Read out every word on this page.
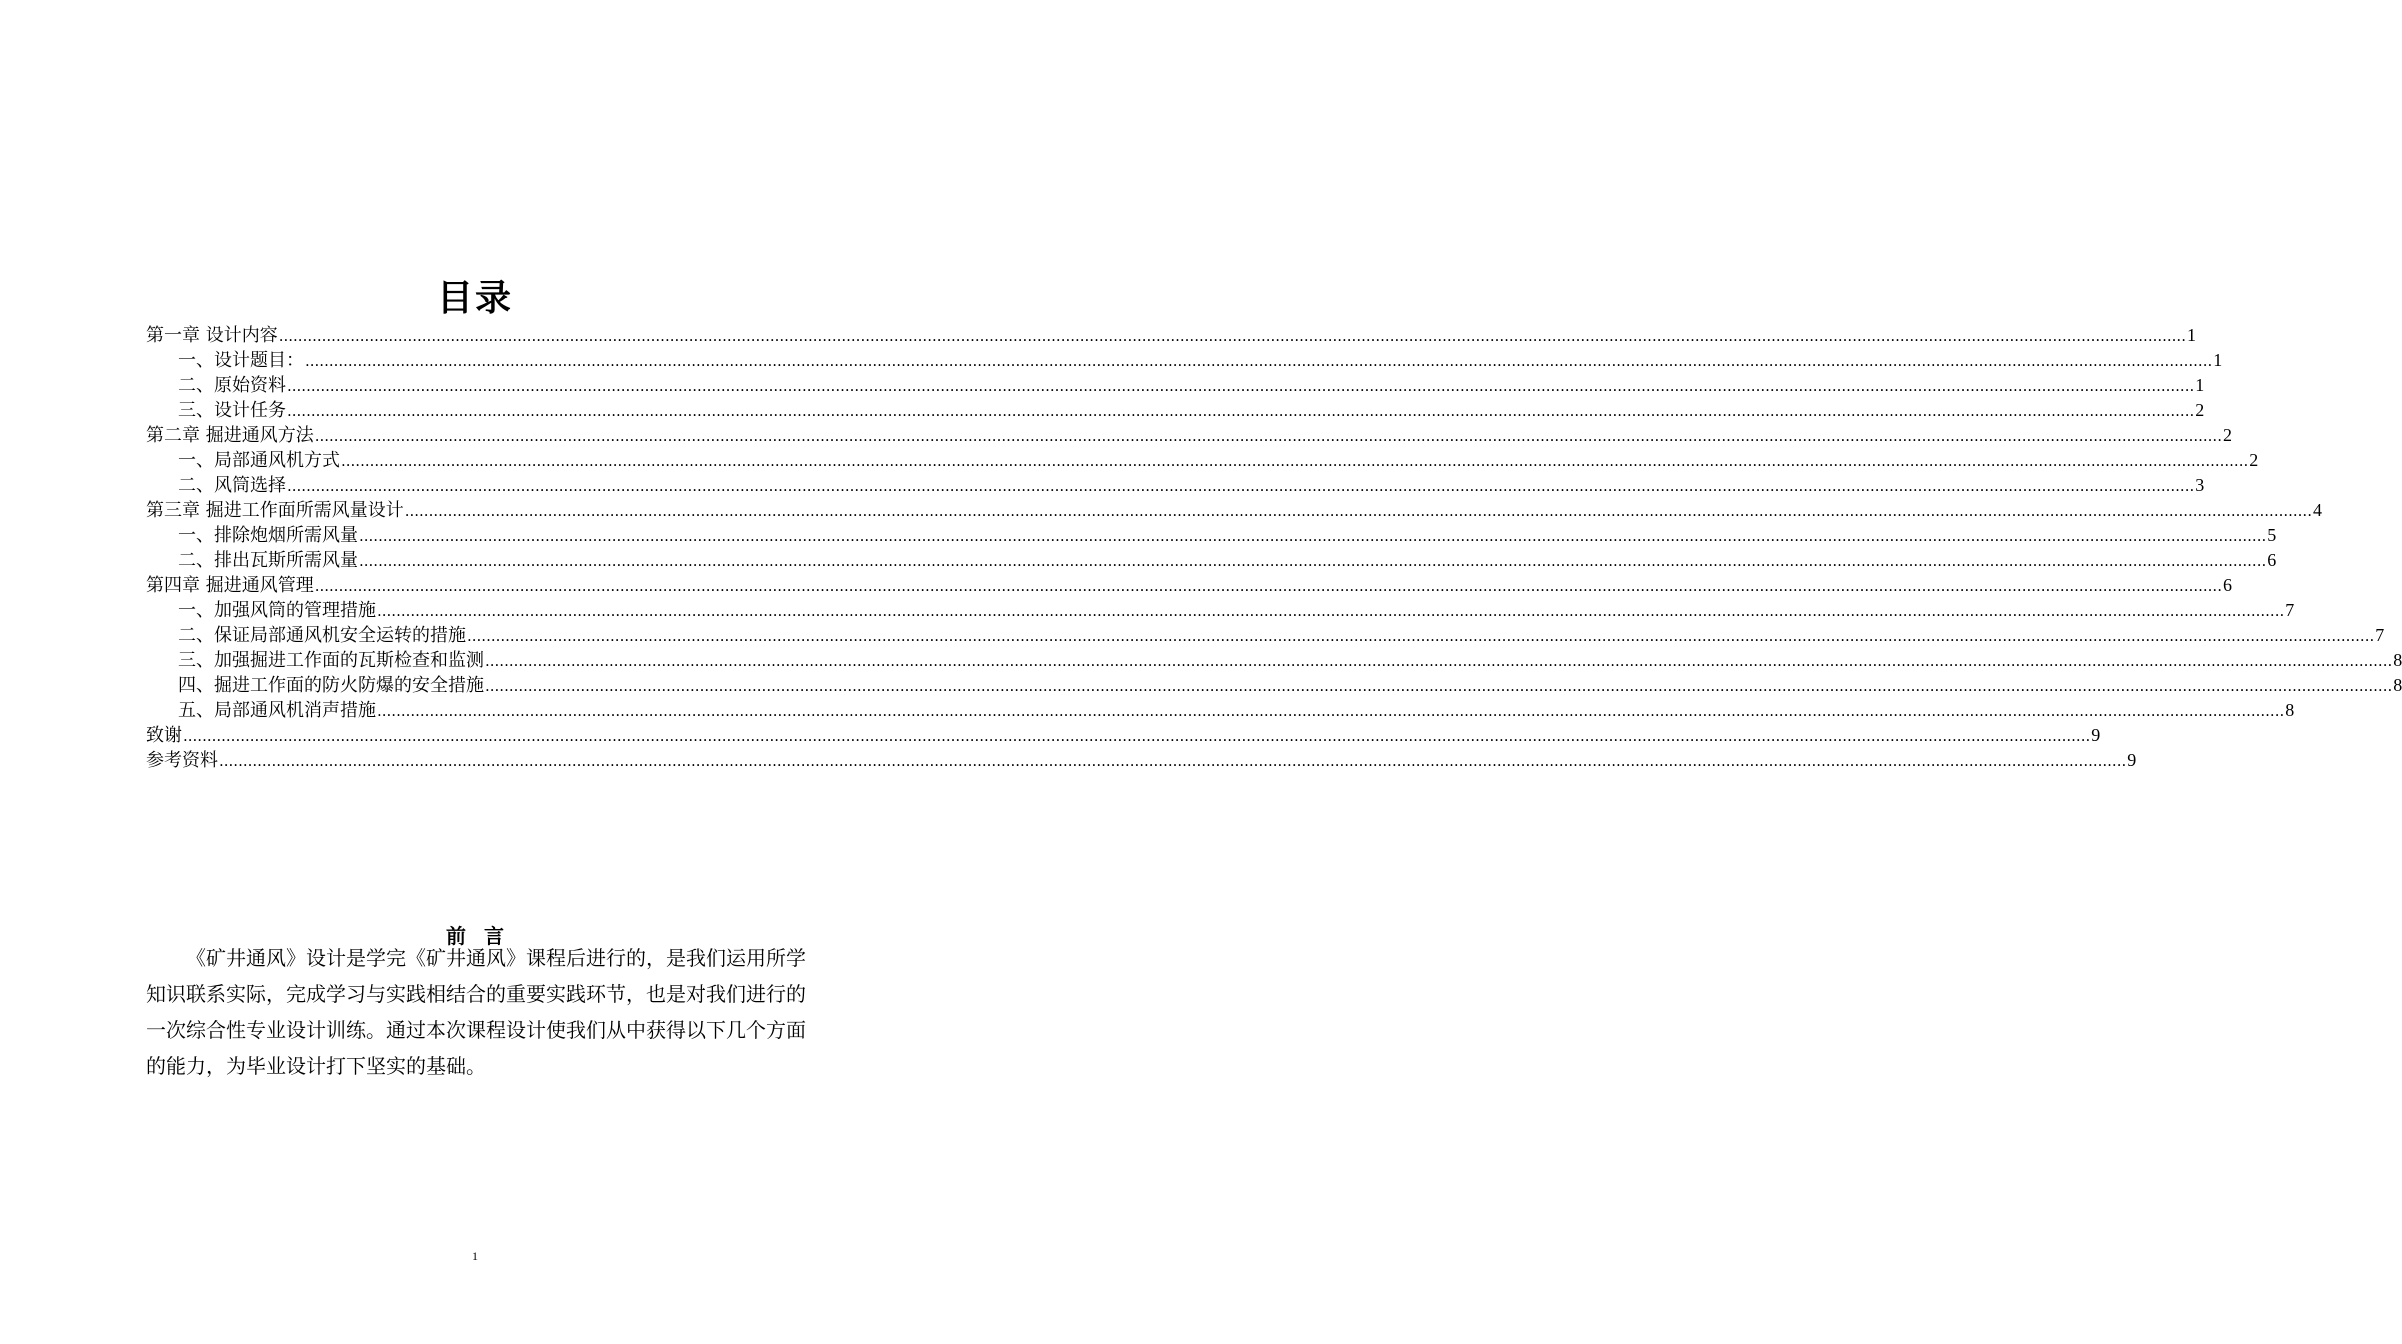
目录
第一章 设计内容 ................................................................................................................................................................................................................................................................................................................................................................................................................ 1
一、设计题目： ................................................................................................................................................................................................................................................................................................................................................................................................................ 1
二、原始资料 ................................................................................................................................................................................................................................................................................................................................................................................................................ 1
三、设计任务 ................................................................................................................................................................................................................................................................................................................................................................................................................ 2
第二章 掘进通风方法 ................................................................................................................................................................................................................................................................................................................................................................................................................ 2
一、局部通风机方式 ................................................................................................................................................................................................................................................................................................................................................................................................................ 2
二、风筒选择 ................................................................................................................................................................................................................................................................................................................................................................................................................ 3
第三章 掘进工作面所需风量设计 ................................................................................................................................................................................................................................................................................................................................................................................................................ 4
一、排除炮烟所需风量 ................................................................................................................................................................................................................................................................................................................................................................................................................ 5
二、排出瓦斯所需风量 ................................................................................................................................................................................................................................................................................................................................................................................................................ 6
第四章 掘进通风管理 ................................................................................................................................................................................................................................................................................................................................................................................................................ 6
一、加强风筒的管理措施 ................................................................................................................................................................................................................................................................................................................................................................................................................ 7
二、保证局部通风机安全运转的措施 ................................................................................................................................................................................................................................................................................................................................................................................................................ 7
三、加强掘进工作面的瓦斯检查和监测 ................................................................................................................................................................................................................................................................................................................................................................................................................ 8
四、掘进工作面的防火防爆的安全措施 ................................................................................................................................................................................................................................................................................................................................................................................................................ 8
五、局部通风机消声措施 ................................................................................................................................................................................................................................................................................................................................................................................................................ 8
致谢 ................................................................................................................................................................................................................................................................................................................................................................................................................ 9
参考资料 ................................................................................................................................................................................................................................................................................................................................................................................................................ 9
前言

《矿井通风》设计是学完《矿井通风》课程后进行的，是我们运用所学知识联系实际，完成学习与实践相结合的重要实践环节，也是对我们进行的一次综合性专业设计训练。通过本次课程设计使我们从中获得以下几个方面的能力，为毕业设计打下坚实的基础。

1
